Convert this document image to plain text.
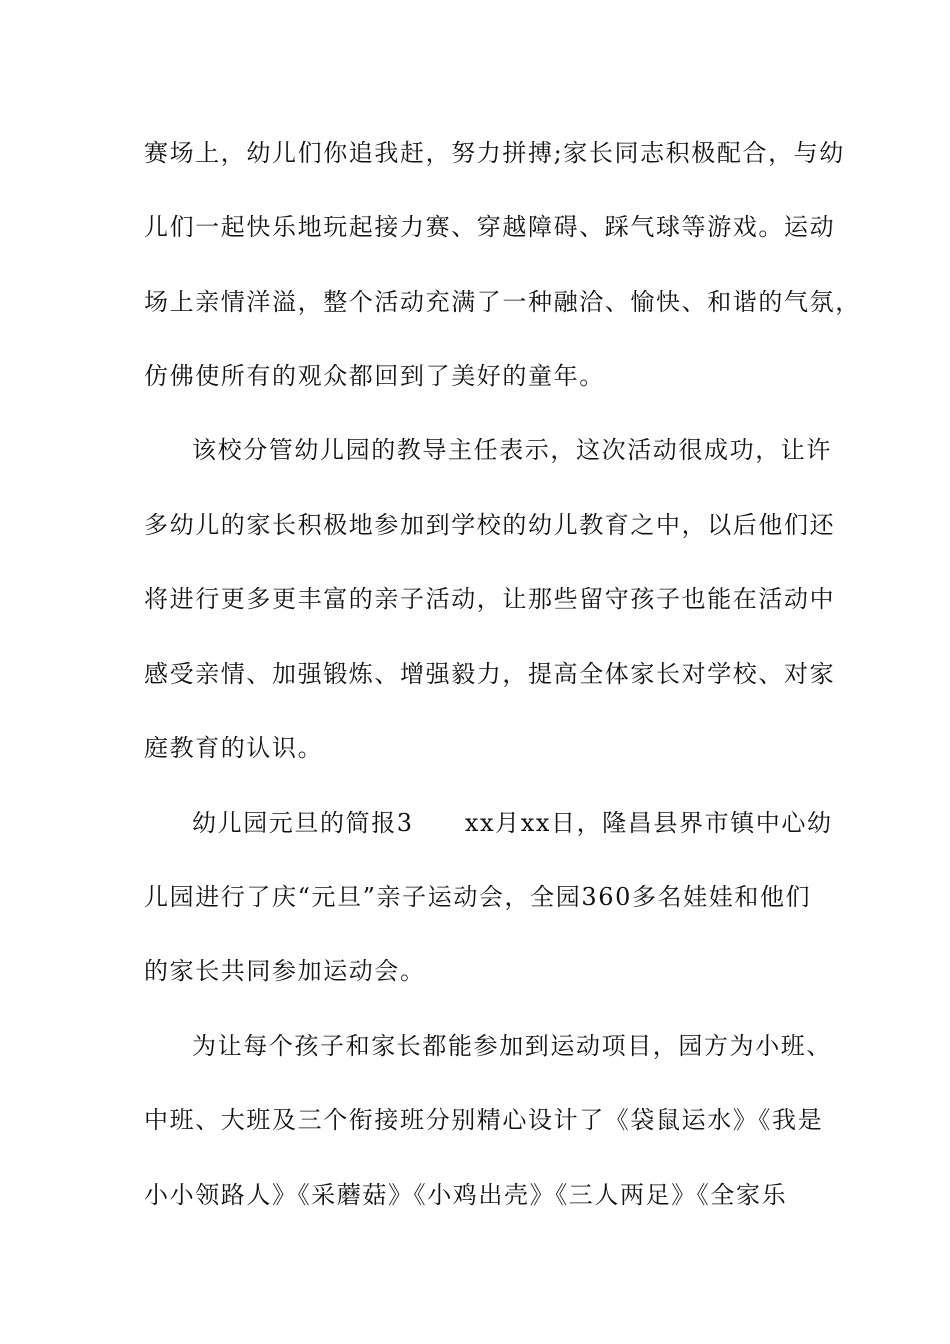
赛场上，幼儿们你追我赶，努力拼搏;家长同志积极配合，与幼
儿们一起快乐地玩起接力赛、穿越障碍、踩气球等游戏。运动
场上亲情洋溢，整个活动充满了一种融洽、愉快、和谐的气氛，
仿佛使所有的观众都回到了美好的童年。
该校分管幼儿园的教导主任表示，这次活动很成功，让许
多幼儿的家长积极地参加到学校的幼儿教育之中，以后他们还
将进行更多更丰富的亲子活动，让那些留守孩子也能在活动中
感受亲情、加强锻炼、增强毅力，提高全体家长对学校、对家
庭教育的认识。
幼儿园元旦的简报3　　xx月xx日，隆昌县界市镇中心幼
儿园进行了庆“元旦”亲子运动会，全园360多名娃娃和他们
的家长共同参加运动会。
为让每个孩子和家长都能参加到运动项目，园方为小班、
中班、大班及三个衔接班分别精心设计了《袋鼠运水》《我是
小小领路人》《采蘑菇》《小鸡出壳》《三人两足》《全家乐
